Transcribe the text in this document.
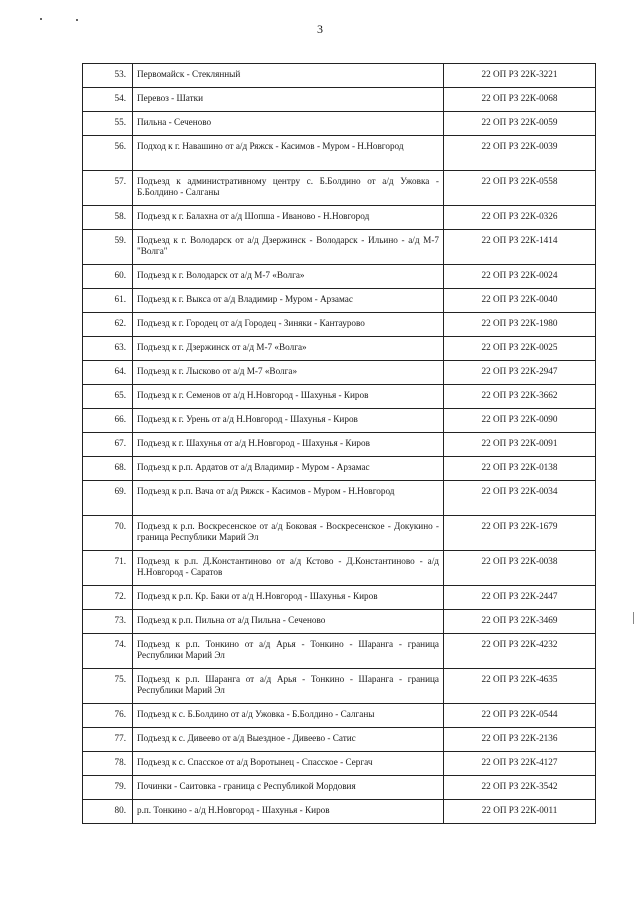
3
53.	Первомайск - Стеклянный	22 ОП РЗ 22К-3221
54.	Перевоз - Шатки	22 ОП РЗ 22К-0068
55.	Пильна - Сеченово	22 ОП РЗ 22К-0059
56.	Подход к г. Навашино от а/д Ряжск - Касимов - Муром - Н.Новгород	22 ОП РЗ 22К-0039
57.	Подъезд к административному центру с. Б.Болдино от а/д Ужовка - Б.Болдино - Салганы	22 ОП РЗ 22К-0558
58.	Подъезд к г. Балахна от а/д Шопша - Иваново - Н.Новгород	22 ОП РЗ 22К-0326
59.	Подъезд к г. Володарск от а/д Дзержинск - Володарск - Ильино - а/д М-7 "Волга"	22 ОП РЗ 22К-1414
60.	Подъезд к г. Володарск от а/д М-7 «Волга»	22 ОП РЗ 22К-0024
61.	Подъезд к г. Выкса от а/д Владимир - Муром - Арзамас	22 ОП РЗ 22К-0040
62.	Подъезд к г. Городец от а/д Городец - Зиняки - Кантаурово	22 ОП РЗ 22К-1980
63.	Подъезд к г. Дзержинск от а/д М-7 «Волга»	22 ОП РЗ 22К-0025
64.	Подъезд к г. Лысково от а/д М-7 «Волга»	22 ОП РЗ 22К-2947
65.	Подъезд к г. Семенов от а/д Н.Новгород - Шахунья - Киров	22 ОП РЗ 22К-3662
66.	Подъезд к г. Урень от а/д Н.Новгород - Шахунья - Киров	22 ОП РЗ 22К-0090
67.	Подъезд к г. Шахунья от а/д Н.Новгород - Шахунья - Киров	22 ОП РЗ 22К-0091
68.	Подъезд к р.п. Ардатов от а/д Владимир - Муром - Арзамас	22 ОП РЗ 22К-0138
69.	Подъезд к р.п. Вача от а/д Ряжск - Касимов - Муром - Н.Новгород	22 ОП РЗ 22К-0034
70.	Подъезд к р.п. Воскресенское от а/д Боковая - Воскресенское - Докукино - граница Республики Марий Эл	22 ОП РЗ 22К-1679
71.	Подъезд к р.п. Д.Константиново от а/д Кстово - Д.Константиново - а/д Н.Новгород - Саратов	22 ОП РЗ 22К-0038
72.	Подъезд к р.п. Кр. Баки от а/д Н.Новгород - Шахунья - Киров	22 ОП РЗ 22К-2447
73.	Подъезд к р.п. Пильна от а/д Пильна - Сеченово	22 ОП РЗ 22К-3469
74.	Подъезд к р.п. Тонкино от а/д Арья - Тонкино - Шаранга - граница Республики Марий Эл	22 ОП РЗ 22К-4232
75.	Подъезд к р.п. Шаранга от а/д Арья - Тонкино - Шаранга - граница Республики Марий Эл	22 ОП РЗ 22К-4635
76.	Подъезд к с. Б.Болдино от а/д Ужовка - Б.Болдино - Салганы	22 ОП РЗ 22К-0544
77.	Подъезд к с. Дивеево от а/д Выездное - Дивеево - Сатис	22 ОП РЗ 22К-2136
78.	Подъезд к с. Спасское от а/д Воротынец - Спасское - Сергач	22 ОП РЗ 22К-4127
79.	Починки - Саитовка - граница с Республикой Мордовия	22 ОП РЗ 22К-3542
80.	р.п. Тонкино - а/д Н.Новгород - Шахунья - Киров	22 ОП РЗ 22К-0011
